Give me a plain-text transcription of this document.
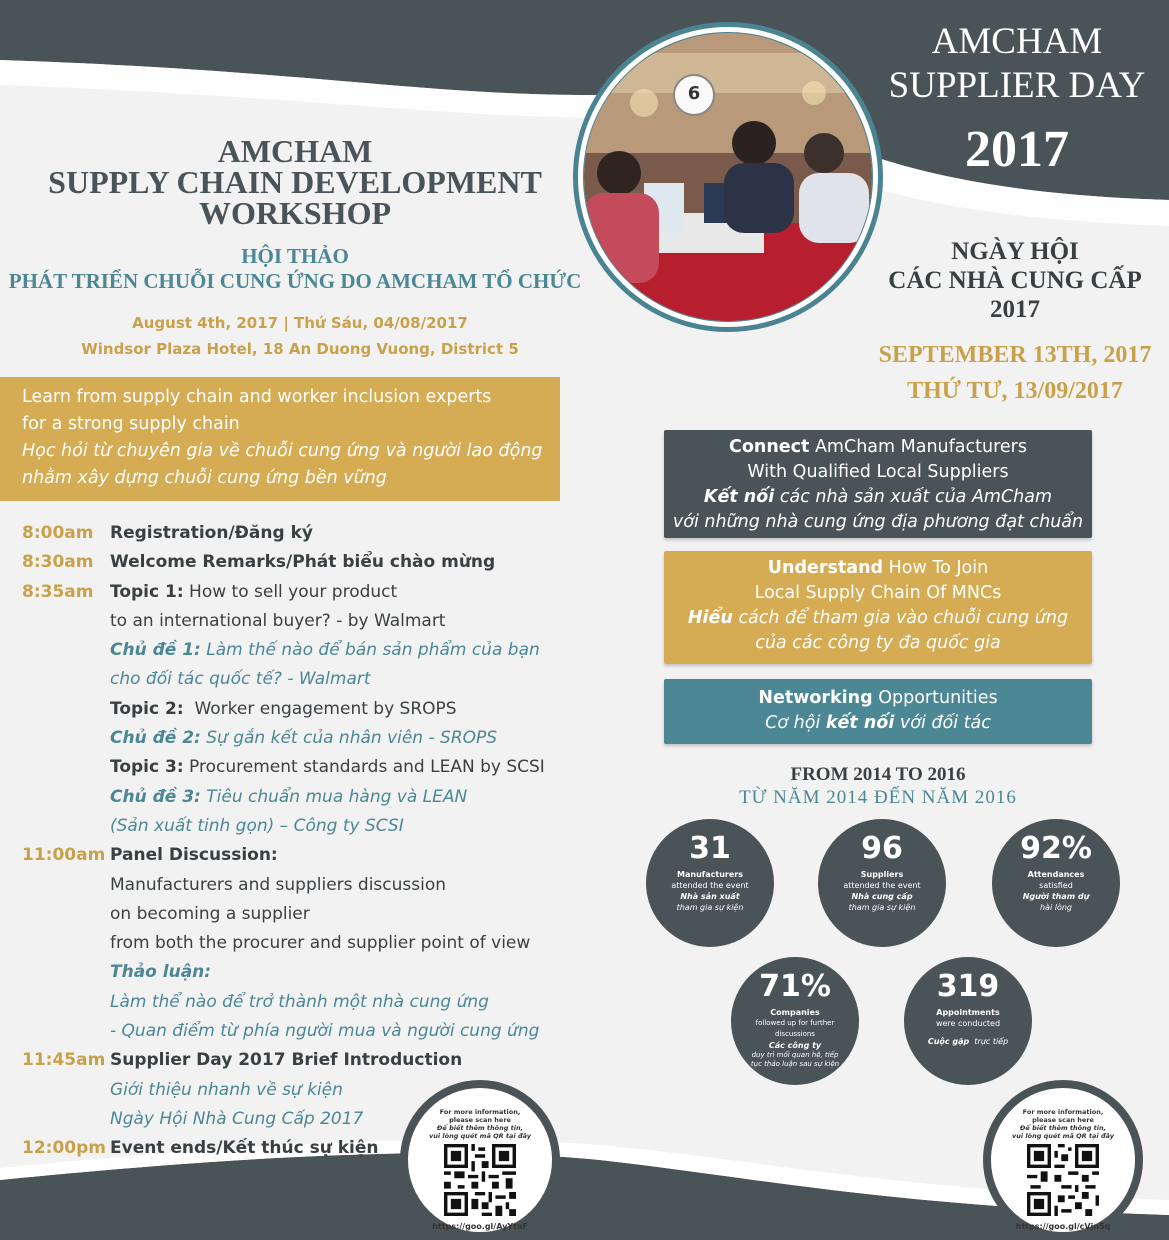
AMCHAM
SUPPLY CHAIN DEVELOPMENT
WORKSHOP
HỘI THẢO
PHÁT TRIỂN CHUỖI CUNG ỨNG DO AMCHAM TỔ CHỨC
August 4th, 2017 | Thứ Sáu, 04/08/2017
Windsor Plaza Hotel, 18 An Duong Vuong, District 5
Learn from supply chain and worker inclusion experts
for a strong supply chain
Học hỏi từ chuyên gia về chuỗi cung ứng và người lao động
nhằm xây dựng chuỗi cung ứng bền vững
8:00am Registration/Đăng ký
8:30am Welcome Remarks/Phát biểu chào mừng
8:35am Topic 1: How to sell your product
to an international buyer? - by Walmart
Chủ đề 1: Làm thế nào để bán sản phẩm của bạn
cho đối tác quốc tế? - Walmart
Topic 2:  Worker engagement by SROPS
Chủ đề 2: Sự gắn kết của nhân viên - SROPS
Topic 3: Procurement standards and LEAN by SCSI
Chủ đề 3: Tiêu chuẩn mua hàng và LEAN
(Sản xuất tinh gọn) – Công ty SCSI
11:00am Panel Discussion:
Manufacturers and suppliers discussion
on becoming a supplier
from both the procurer and supplier point of view
Thảo luận:
Làm thể nào để trở thành một nhà cung ứng
- Quan điểm từ phía người mua và người cung ứng
11:45am Supplier Day 2017 Brief Introduction
Giới thiệu nhanh về sự kiện
Ngày Hội Nhà Cung Cấp 2017
12:00pm Event ends/Kết thúc sự kiện
6
AMCHAM
SUPPLIER DAY
2017
NGÀY HỘI
CÁC NHÀ CUNG CẤP
2017
SEPTEMBER 13TH, 2017
THỨ TƯ, 13/09/2017
Connect AmCham Manufacturers
With Qualified Local Suppliers
Kết nối các nhà sản xuất của AmCham
với những nhà cung ứng địa phương đạt chuẩn
Understand How To Join
Local Supply Chain Of MNCs
Hiểu cách để tham gia vào chuỗi cung ứng
của các công ty đa quốc gia
Networking Opportunities
Cơ hội kết nối với đối tác
FROM 2014 TO 2016
TỪ NĂM 2014 ĐẾN NĂM 2016
31
Manufacturers
attended the event
Nhà sản xuất
tham gia sự kiện
96
Suppliers
attended the event
Nhà cung cấp
tham gia sự kiện
92%
Attendances
satisfied
Người tham dự
hài lòng
71%
Companies
followed up for further discussions
Các công ty
duy trì mối quan hệ, tiếp tục thảo luận sau sự kiện
319
Appointments
were conducted
Cuộc gặp trực tiếp
For more information,
please scan here
Để biết thêm thông tin,
vui lòng quét mã QR tại đây
https://goo.gl/AyYtaF
For more information,
please scan here
Để biết thêm thông tin,
vui lòng quét mã QR tại đây
https://goo.gl/cVjn5q
